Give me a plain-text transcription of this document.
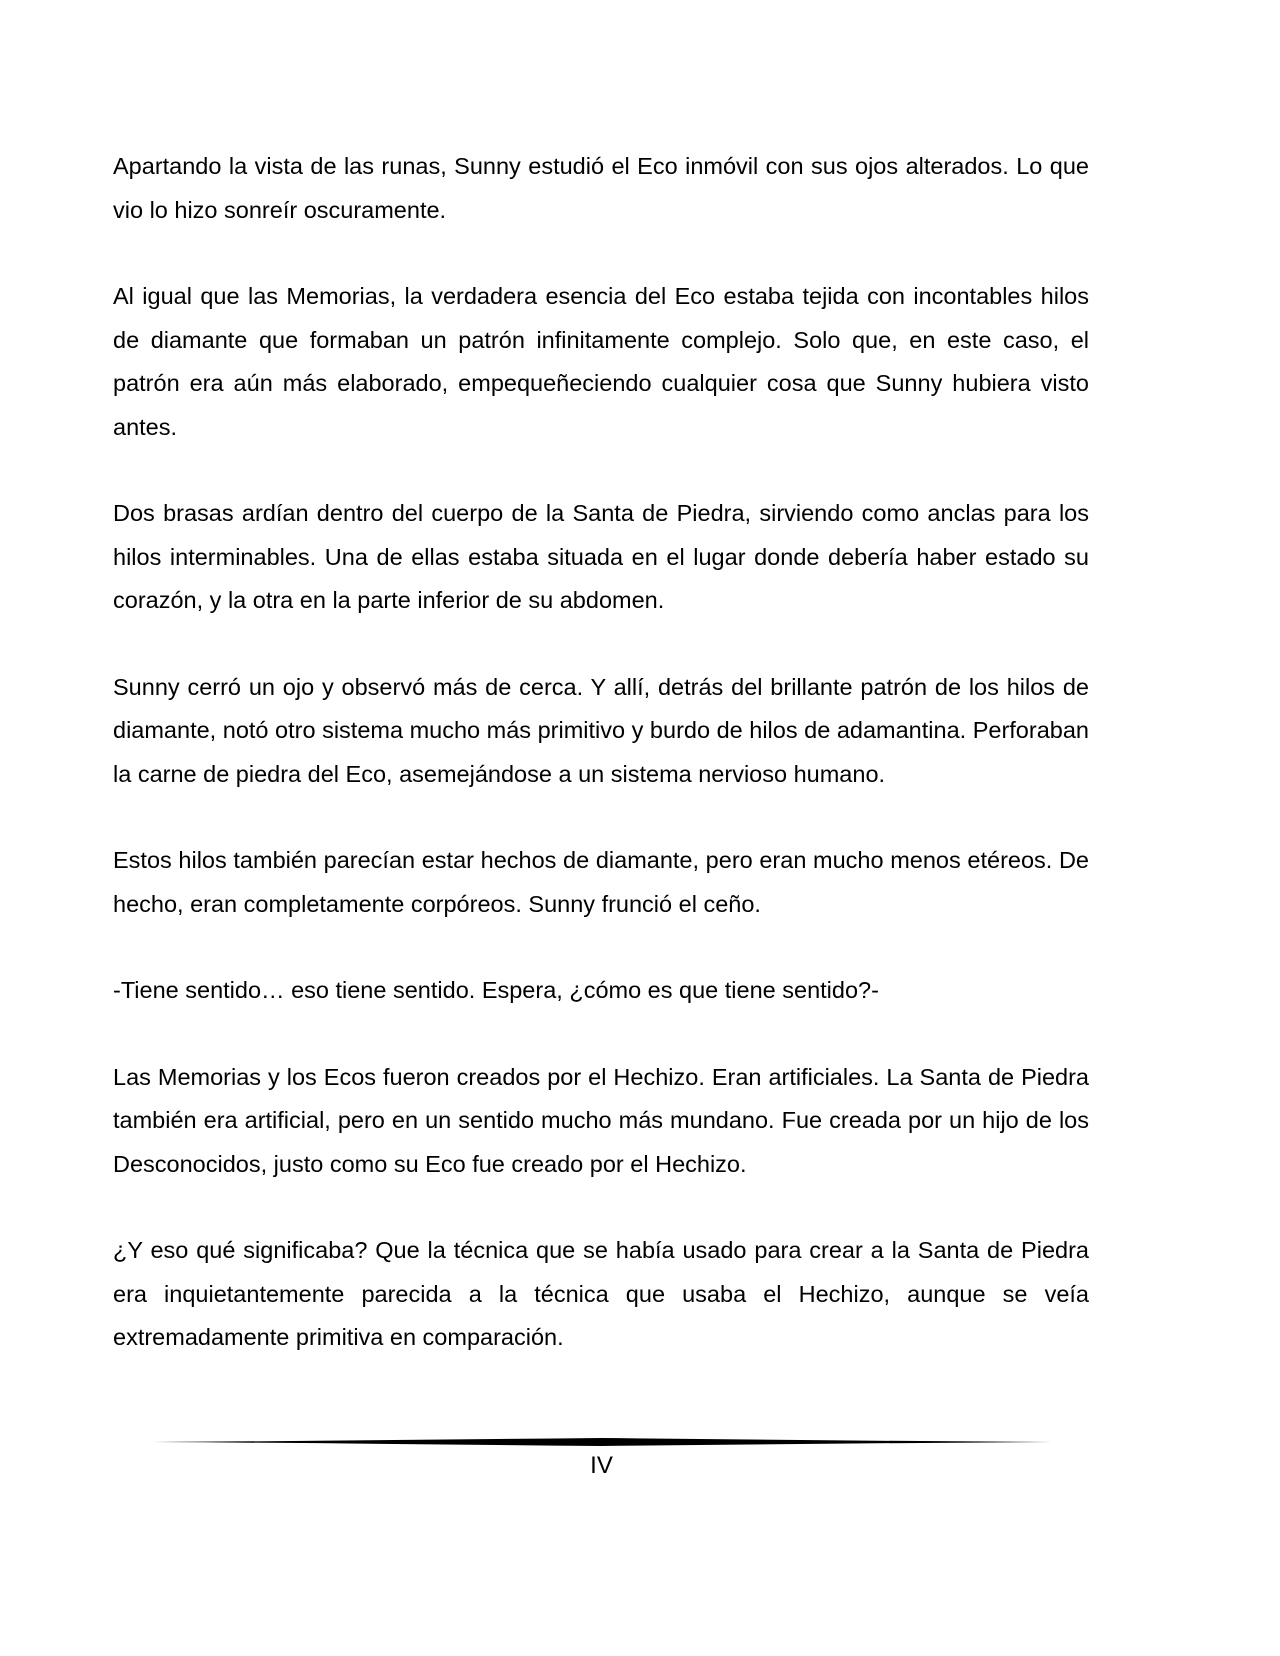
Apartando la vista de las runas, Sunny estudió el Eco inmóvil con sus ojos alterados. Lo que vio lo hizo sonreír oscuramente.

Al igual que las Memorias, la verdadera esencia del Eco estaba tejida con incontables hilos de diamante que formaban un patrón infinitamente complejo. Solo que, en este caso, el patrón era aún más elaborado, empequeñeciendo cualquier cosa que Sunny hubiera visto antes.

Dos brasas ardían dentro del cuerpo de la Santa de Piedra, sirviendo como anclas para los hilos interminables. Una de ellas estaba situada en el lugar donde debería haber estado su corazón, y la otra en la parte inferior de su abdomen.

Sunny cerró un ojo y observó más de cerca. Y allí, detrás del brillante patrón de los hilos de diamante, notó otro sistema mucho más primitivo y burdo de hilos de adamantina. Perforaban la carne de piedra del Eco, asemejándose a un sistema nervioso humano.

Estos hilos también parecían estar hechos de diamante, pero eran mucho menos etéreos. De hecho, eran completamente corpóreos. Sunny frunció el ceño.

-Tiene sentido… eso tiene sentido. Espera, ¿cómo es que tiene sentido?-

Las Memorias y los Ecos fueron creados por el Hechizo. Eran artificiales. La Santa de Piedra también era artificial, pero en un sentido mucho más mundano. Fue creada por un hijo de los Desconocidos, justo como su Eco fue creado por el Hechizo.

¿Y eso qué significaba? Que la técnica que se había usado para crear a la Santa de Piedra era inquietantemente parecida a la técnica que usaba el Hechizo, aunque se veía extremadamente primitiva en comparación.

IV
